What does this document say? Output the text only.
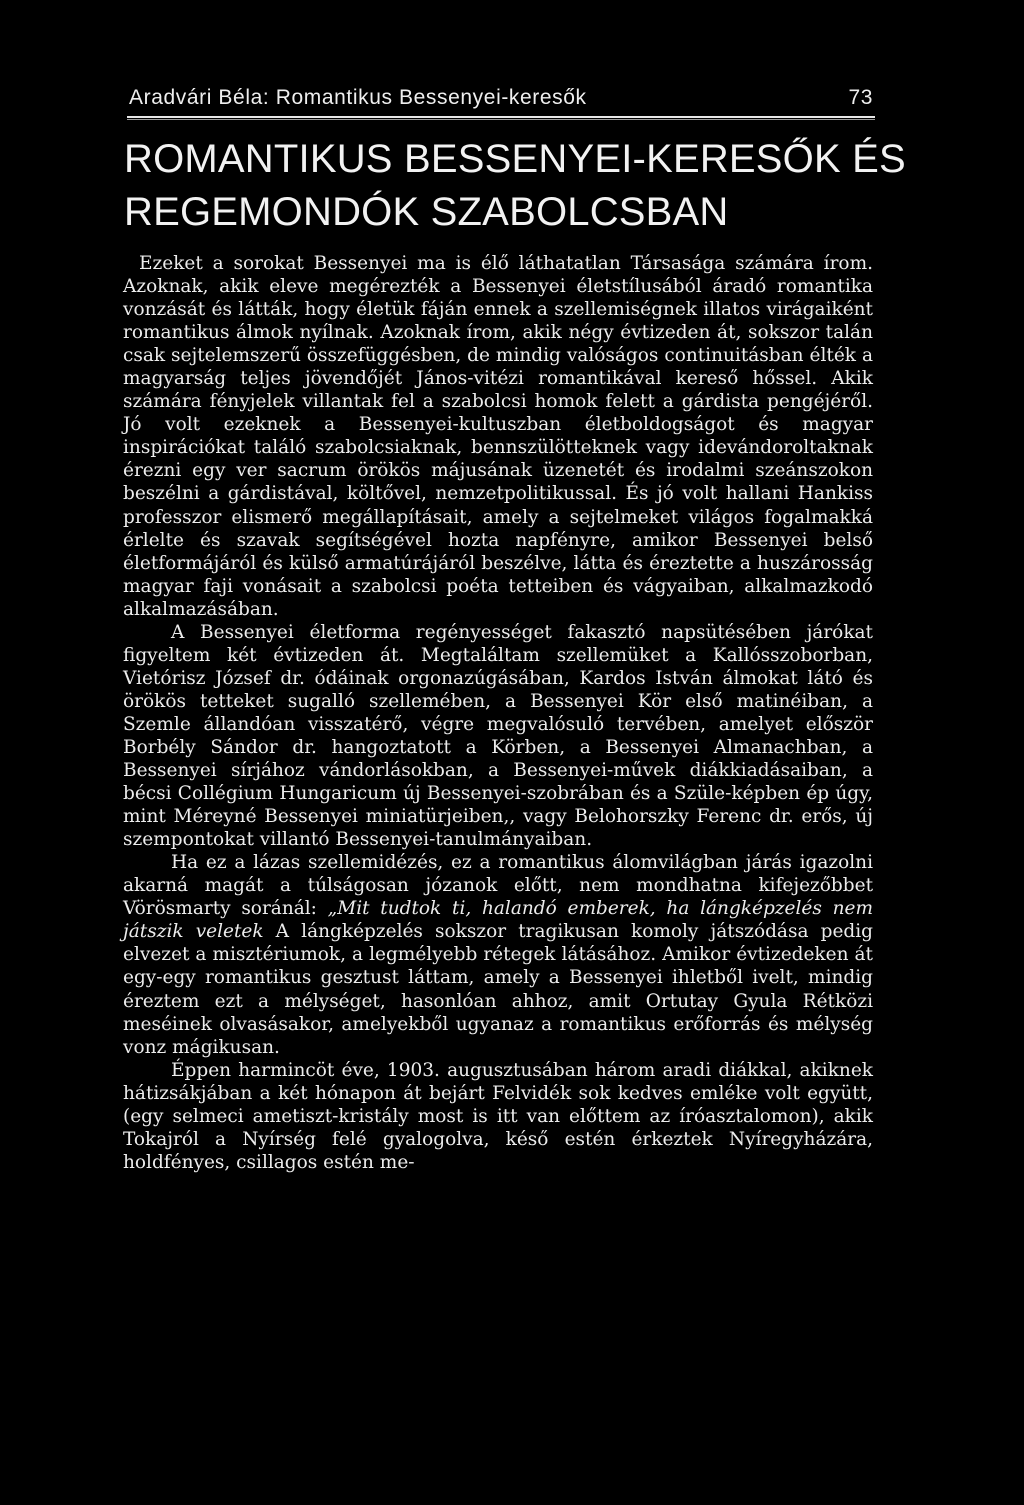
Aradvári Béla: Romantikus Bessenyei-keresők	73
ROMANTIKUS BESSENYEI-KERESŐK ÉS
REGEMONDÓK SZABOLCSBAN

Ezeket a sorokat Bessenyei ma is élő láthatatlan Társasága számára írom. Azoknak, akik eleve megérezték a Bessenyei életstílusából áradó romantika vonzását és látták, hogy életük fáján ennek a szellemiségnek illatos virágaiként romantikus álmok nyílnak. Azoknak írom, akik négy évtizeden át, sokszor talán csak sejtelemszerű összefüggésben, de mindig valóságos continuitásban élték a magyarság teljes jövendőjét János-vitézi romantikával kereső hőssel. Akik számára fényjelek villantak fel a szabolcsi homok felett a gárdista pengéjéről. Jó volt ezeknek a Bessenyei-kultuszban életboldogságot és magyar inspirációkat találó szabolcsiaknak, bennszülötteknek vagy idevándoroltaknak érezni egy ver sacrum örökös májusának üzenetét és irodalmi szeánszokon beszélni a gárdistával, költővel, nemzetpolitikussal. És jó volt hallani Hankiss professzor elismerő megállapításait, amely a sejtelmeket világos fogalmakká érlelte és szavak segítségével hozta napfényre, amikor Bessenyei belső életformájáról és külső armatúrájáról beszélve, látta és éreztette a huszárosság magyar faji vonásait a szabolcsi poéta tetteiben és vágyaiban, alkalmazkodó alkalmazásában.

A Bessenyei életforma regényességet fakasztó napsütésében járókat figyeltem két évtizeden át. Megtaláltam szellemüket a Kallósszoborban, Vietórisz József dr. ódáinak orgonazúgásában, Kardos István álmokat látó és örökös tetteket sugalló szellemében, a Bessenyei Kör első matinéiban, a Szemle állandóan visszatérő, végre megvalósuló tervében, amelyet először Borbély Sándor dr. hangoztatott a Körben, a Bessenyei Almanachban, a Bessenyei sírjához vándorlásokban, a Bessenyei-művek diákkiadásaiban, a bécsi Collégium Hungaricum új Bessenyei-szobrában és a Szüle-képben ép úgy, mint Méreyné Bessenyei miniatürjeiben,, vagy Belohorszky Ferenc dr. erős, új szempontokat villantó Bessenyei-tanulmányaiban.

Ha ez a lázas szellemidézés, ez a romantikus álomvilágban járás igazolni akarná magát a túlságosan józanok előtt, nem mondhatna kifejezőbbet Vörösmarty soránál: „Mit tudtok ti, halandó emberek, ha lángképzelés nem játszik veletek A lángképzelés sokszor tragikusan komoly játszódása pedig elvezet a misztériumok, a legmélyebb rétegek látásához. Amikor évtizedeken át egy-egy romantikus gesztust láttam, amely a Bessenyei ihletből ivelt, mindig éreztem ezt a mélységet, hasonlóan ahhoz, amit Ortutay Gyula Rétközi meséinek olvasásakor, amelyekből ugyanaz a romantikus erőforrás és mélység vonz mágikusan.

Éppen harmincöt éve, 1903. augusztusában három aradi diákkal, akiknek hátizsákjában a két hónapon át bejárt Felvidék sok kedves emléke volt együtt, (egy selmeci ametiszt-kristály most is itt van előttem az íróasztalomon), akik Tokajról a Nyírség felé gyalogolva, késő estén érkeztek Nyíregyházára, holdfényes, csillagos estén me-
